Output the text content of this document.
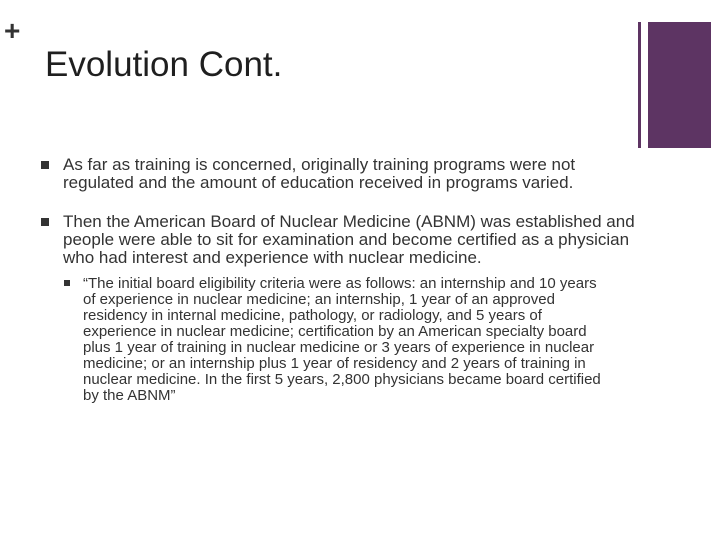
+
Evolution Cont.
As far as training is concerned, originally training programs were not regulated and the amount of education received in programs varied.
Then the American Board of Nuclear Medicine (ABNM) was established and people were able to sit for examination and become certified as a physician who had interest and experience with nuclear medicine.
“The initial board eligibility criteria were as follows: an internship and 10 years of experience in nuclear medicine; an internship, 1 year of an approved residency in internal medicine, pathology, or radiology, and 5 years of experience in nuclear medicine; certification by an American specialty board plus 1 year of training in nuclear medicine or 3 years of experience in nuclear medicine; or an internship plus 1 year of residency and 2 years of training in nuclear medicine. In the first 5 years, 2,800 physicians became board certified by the ABNM”
